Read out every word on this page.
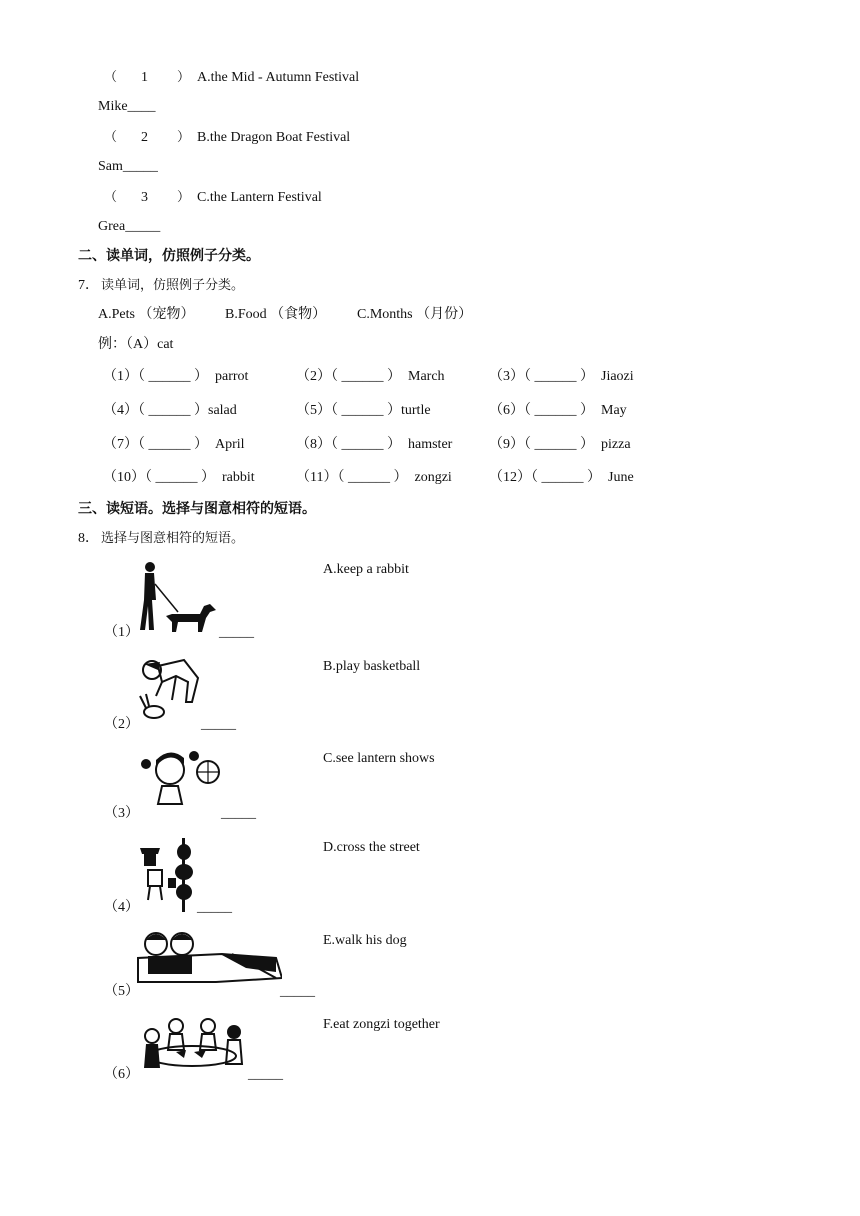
（ 1 ） A.the Mid - Autumn Festival
Mike____
（ 2 ） B.the Dragon Boat Festival
Sam_____
（ 3 ） C.the Lantern Festival
Grea_____
二、读单词，仿照例子分类。
7． 读单词，仿照例子分类。
A.Pets （宠物） B.Food （食物） C.Months （月份）
例：（A）cat
（1）（ ______ ）  parrot	（2）（ ______ ）  March	（3）（ ______ ）  Jiaozi
（4）（ ______ ）salad	（5）（ ______ ）turtle	（6）（ ______ ）  May
（7）（ ______ ）  April	（8）（ ______ ）  hamster	（9）（ ______ ）  pizza
（10）（ ______ ）  rabbit	（11）（ ______ ）  zongzi	（12）（ ______ ）  June
三、读短语。选择与图意相符的短语。
8． 选择与图意相符的短语。
（1）	_____
A.keep a rabbit
（2）	_____
B.play basketball
（3）	_____
C.see lantern shows
（4）	_____
D.cross the street
（5）	_____
E.walk his dog
（6）	_____
F.eat zongzi together
